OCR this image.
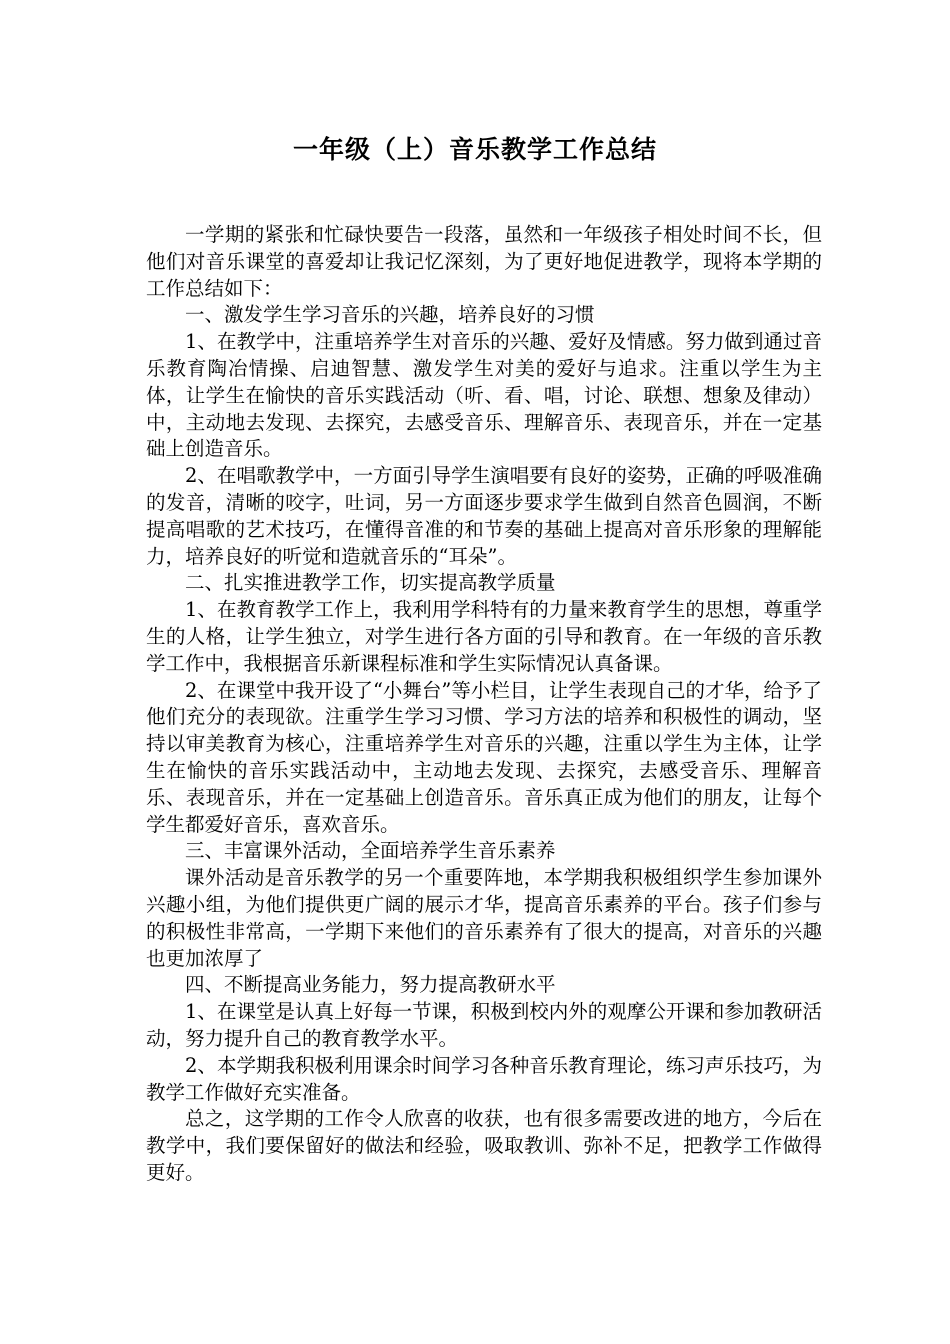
一年级（上）音乐教学工作总结

一学期的紧张和忙碌快要告一段落，虽然和一年级孩子相处时间不长，但他们对音乐课堂的喜爱却让我记忆深刻，为了更好地促进教学，现将本学期的工作总结如下：

一、激发学生学习音乐的兴趣，培养良好的习惯

1、在教学中，注重培养学生对音乐的兴趣、爱好及情感。努力做到通过音乐教育陶冶情操、启迪智慧、激发学生对美的爱好与追求。注重以学生为主体，让学生在愉快的音乐实践活动（听、看、唱，讨论、联想、想象及律动）中，主动地去发现、去探究，去感受音乐、理解音乐、表现音乐，并在一定基础上创造音乐。

2、在唱歌教学中，一方面引导学生演唱要有良好的姿势，正确的呼吸准确的发音，清晰的咬字，吐词，另一方面逐步要求学生做到自然音色圆润，不断提高唱歌的艺术技巧，在懂得音准的和节奏的基础上提高对音乐形象的理解能力，培养良好的听觉和造就音乐的“耳朵”。

二、扎实推进教学工作，切实提高教学质量

1、在教育教学工作上，我利用学科特有的力量来教育学生的思想，尊重学生的人格，让学生独立，对学生进行各方面的引导和教育。在一年级的音乐教学工作中，我根据音乐新课程标准和学生实际情况认真备课。

2、在课堂中我开设了“小舞台”等小栏目，让学生表现自己的才华，给予了他们充分的表现欲。注重学生学习习惯、学习方法的培养和积极性的调动，坚持以审美教育为核心，注重培养学生对音乐的兴趣，注重以学生为主体，让学生在愉快的音乐实践活动中，主动地去发现、去探究，去感受音乐、理解音乐、表现音乐，并在一定基础上创造音乐。音乐真正成为他们的朋友，让每个学生都爱好音乐，喜欢音乐。

三、丰富课外活动，全面培养学生音乐素养

课外活动是音乐教学的另一个重要阵地，本学期我积极组织学生参加课外兴趣小组，为他们提供更广阔的展示才华，提高音乐素养的平台。孩子们参与的积极性非常高，一学期下来他们的音乐素养有了很大的提高，对音乐的兴趣也更加浓厚了

四、不断提高业务能力，努力提高教研水平

1、在课堂是认真上好每一节课，积极到校内外的观摩公开课和参加教研活动，努力提升自己的教育教学水平。

2、本学期我积极利用课余时间学习各种音乐教育理论，练习声乐技巧，为教学工作做好充实准备。

总之，这学期的工作令人欣喜的收获，也有很多需要改进的地方，今后在教学中，我们要保留好的做法和经验，吸取教训、弥补不足，把教学工作做得更好。
